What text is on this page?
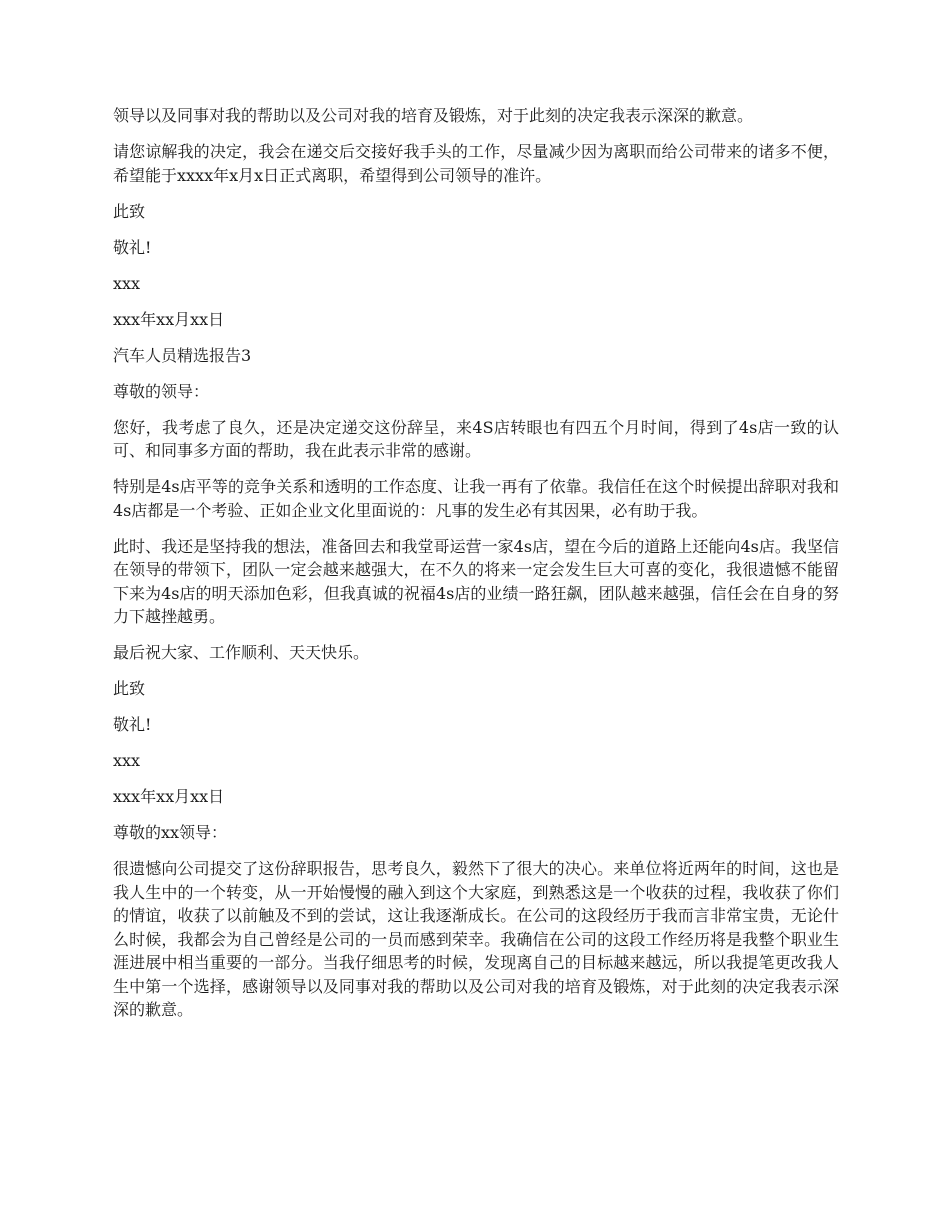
领导以及同事对我的帮助以及公司对我的培育及锻炼，对于此刻的决定我表示深深的歉意。

请您谅解我的决定，我会在递交后交接好我手头的工作，尽量减少因为离职而给公司带来的诸多不便，希望能于xxxx年x月x日正式离职，希望得到公司领导的准许。

此致

敬礼!

xxx

xxx年xx月xx日

汽车人员精选报告3

尊敬的领导：

您好，我考虑了良久，还是决定递交这份辞呈，来4S店转眼也有四五个月时间，得到了4s店一致的认可、和同事多方面的帮助，我在此表示非常的感谢。

特别是4s店平等的竞争关系和透明的工作态度、让我一再有了依靠。我信任在这个时候提出辞职对我和4s店都是一个考验、正如企业文化里面说的：凡事的发生必有其因果，必有助于我。

此时、我还是坚持我的想法，准备回去和我堂哥运营一家4s店，望在今后的道路上还能向4s店。我坚信在领导的带领下，团队一定会越来越强大，在不久的将来一定会发生巨大可喜的变化，我很遗憾不能留下来为4s店的明天添加色彩，但我真诚的祝福4s店的业绩一路狂飙，团队越来越强，信任会在自身的努力下越挫越勇。

最后祝大家、工作顺利、天天快乐。

此致

敬礼!

xxx

xxx年xx月xx日

尊敬的xx领导：

很遗憾向公司提交了这份辞职报告，思考良久，毅然下了很大的决心。来单位将近两年的时间，这也是我人生中的一个转变，从一开始慢慢的融入到这个大家庭，到熟悉这是一个收获的过程，我收获了你们的情谊，收获了以前触及不到的尝试，这让我逐渐成长。在公司的这段经历于我而言非常宝贵，无论什么时候，我都会为自己曾经是公司的一员而感到荣幸。我确信在公司的这段工作经历将是我整个职业生涯进展中相当重要的一部分。当我仔细思考的时候，发现离自己的目标越来越远，所以我提笔更改我人生中第一个选择，感谢领导以及同事对我的帮助以及公司对我的培育及锻炼，对于此刻的决定我表示深深的歉意。
